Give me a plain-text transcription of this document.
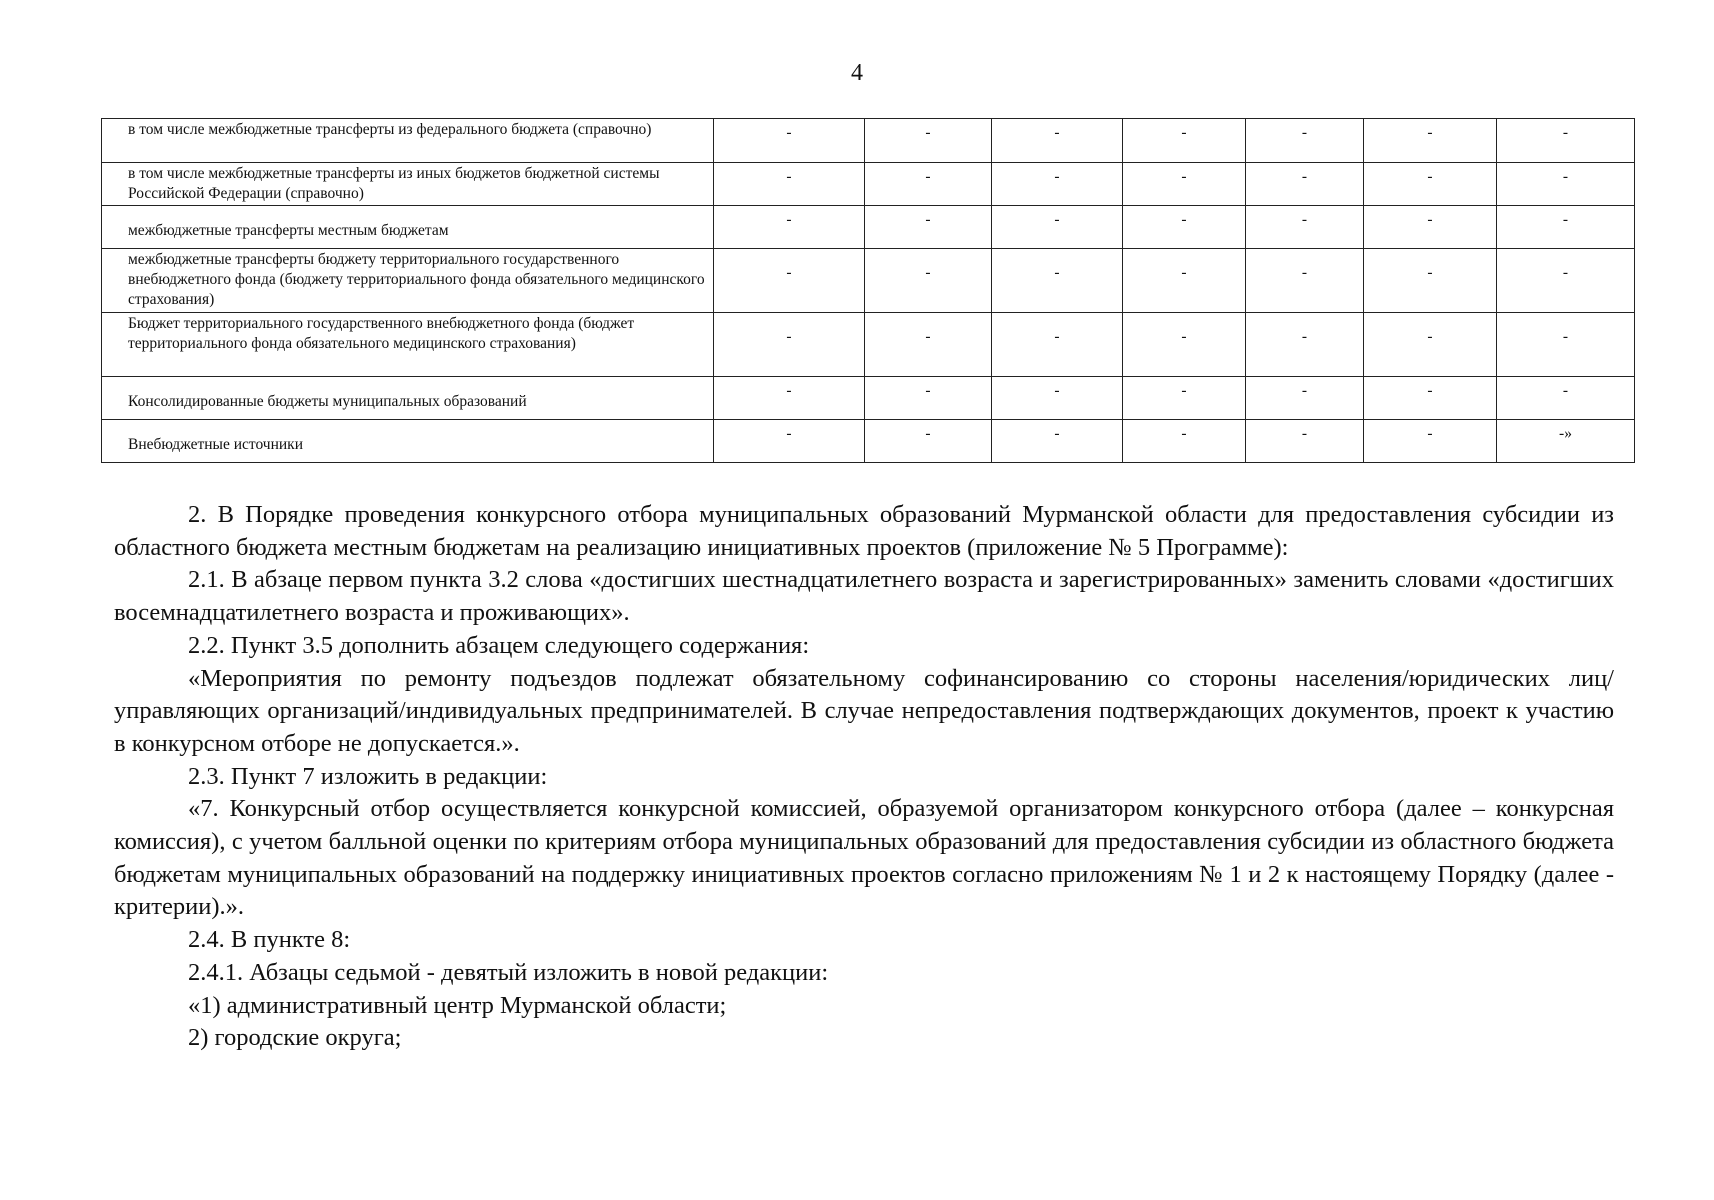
4
в том числе межбюджетные трансферты из федерального бюджета (справочно)	-	-	-	-	-	-	-
в том числе межбюджетные трансферты из иных бюджетов бюджетной системы Российской Федерации (справочно)	-	-	-	-	-	-	-
межбюджетные трансферты местным бюджетам	-	-	-	-	-	-	-
межбюджетные трансферты бюджету территориального государственного внебюджетного фонда (бюджету территориального фонда обязательного медицинского страхования)	-	-	-	-	-	-	-
Бюджет территориального государственного внебюджетного фонда (бюджет территориального фонда обязательного медицинского страхования)	-	-	-	-	-	-	-
Консолидированные бюджеты муниципальных образований	-	-	-	-	-	-	-
Внебюджетные источники	-	-	-	-	-	-	-»

2. В Порядке проведения конкурсного отбора муниципальных образований Мурманской области для предоставления субсидии из областного бюджета местным бюджетам на реализацию инициативных проектов (приложение № 5 Программе):

2.1. В абзаце первом пункта 3.2 слова «достигших шестнадцатилетнего возраста и зарегистрированных» заменить словами «достигших восемнадцатилетнего возраста и проживающих».

2.2. Пункт 3.5 дополнить абзацем следующего содержания:

«Мероприятия по ремонту подъездов подлежат обязательному софинансированию со стороны населения/юридических лиц/управляющих организаций/индивидуальных предпринимателей. В случае непредоставления подтверждающих документов, проект к участию в конкурсном отборе не допускается.».

2.3. Пункт 7 изложить в редакции:

«7. Конкурсный отбор осуществляется конкурсной комиссией, образуемой организатором конкурсного отбора (далее – конкурсная комиссия), с учетом балльной оценки по критериям отбора муниципальных образований для предоставления субсидии из областного бюджета бюджетам муниципальных образований на поддержку инициативных проектов согласно приложениям № 1 и 2 к настоящему Порядку (далее - критерии).».

2.4. В пункте 8:

2.4.1. Абзацы седьмой - девятый изложить в новой редакции:

«1) административный центр Мурманской области;

2) городские округа;
